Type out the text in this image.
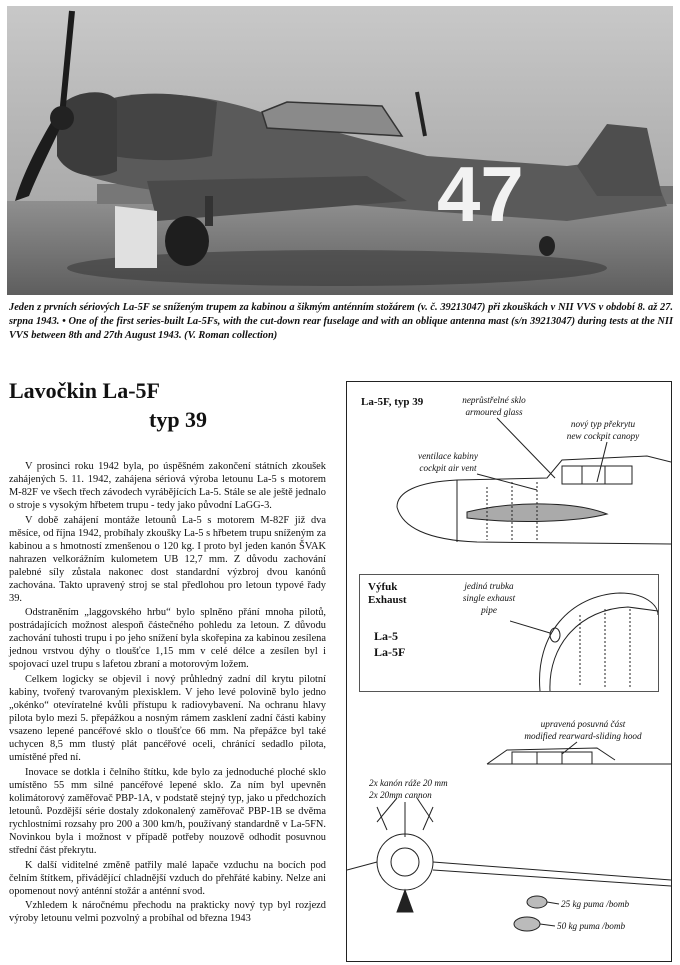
47
Jeden z prvních sériových La-5F se sníženým trupem za kabinou a šikmým anténním stožárem (v. č. 39213047) při zkouškách v NII VVS v období 8. až 27. srpna 1943. • One of the first series-built La-5Fs, with the cut-down rear fuselage and with an oblique antenna mast (s/n 39213047) during tests at the NII VVS between 8th and 27th August 1943. (V. Roman collection)
Lavočkin La-5F
typ 39

V prosinci roku 1942 byla, po úspěšném zakončení státních zkoušek zahájených 5. 11. 1942, zahájena sériová výroba letounu La-5 s motorem M-82F ve všech třech závodech vyrábějících La-5. Stále se ale ještě jednalo o stroje s vysokým hřbetem trupu - tedy jako původní LaGG-3.

V době zahájení montáže letounů La-5 s motorem M-82F již dva měsíce, od října 1942, probíhaly zkoušky La-5 s hřbetem trupu sníženým za kabinou a s hmotností zmenšenou o 120 kg. I proto byl jeden kanón ŠVAK nahrazen velkorážním kulometem UB 12,7 mm. Z důvodu zachování palebné síly zůstala nakonec dost standardní výzbroj dvou kanónů zachována. Takto upravený stroj se stal předlohou pro letoun typové řady 39.

Odstraněním „laggovského hrbu“ bylo splněno přání mnoha pilotů, postrádajících možnost alespoň částečného pohledu za letoun. Z důvodu zachování tuhosti trupu i po jeho snížení byla skořepina za kabinou zesílena jednou vrstvou dýhy o tloušťce 1,15 mm v celé délce a zesílen byl i spojovací uzel trupu s lafetou zbraní a motorovým ložem.

Celkem logicky se objevil i nový průhledný zadní díl krytu pilotní kabiny, tvořený tvarovaným plexisklem. V jeho levé polovině bylo jedno „okénko“ otevíratelné kvůli přístupu k radiovybavení. Na ochranu hlavy pilota bylo mezi 5. přepážkou a nosným rámem zasklení zadní části kabiny vsazeno lepené pancéřové sklo o tloušťce 66 mm. Na přepážce byl také uchycen 8,5 mm tlustý plát pancéřové oceli, chránící sedadlo pilota, umístěné před ní.

Inovace se dotkla i čelního štítku, kde bylo za jednoduché ploché sklo umístěno 55 mm silné pancéřové lepené sklo. Za ním byl upevněn kolimátorový zaměřovač PBP-1A, v podstatě stejný typ, jako u předchozích letounů. Pozdější série dostaly zdokonalený zaměřovač PBP-1B se dvěma rychlostními rozsahy pro 200 a 300 km/h, používaný standardně v La-5FN. Novinkou byla i možnost v případě potřeby nouzově odhodit posuvnou střední část překrytu.

K další viditelné změně patřily malé lapače vzduchu na bocích pod čelním štítkem, přivádějící chladnější vzduch do přehřáté kabiny. Nelze ani opomenout nový anténní stožár a anténní svod.

Vzhledem k náročnému přechodu na prakticky nový typ byl rozjezd výroby letounu velmi pozvolný a probíhal od března 1943

La-5F, typ 39	neprůstřelné sklo
armoured glass
nový typ překrytu
new cockpit canopy
ventilace kabiny
cockpit air vent
Výfuk
Exhaust
jediná trubka
single exhaust
pipe
La-5
La-5F
upravená posuvná část
modified rearward-sliding hood
2x kanón ráže 20 mm
2x 20mm cannon
25 kg puma /bomb
50 kg puma /bomb
